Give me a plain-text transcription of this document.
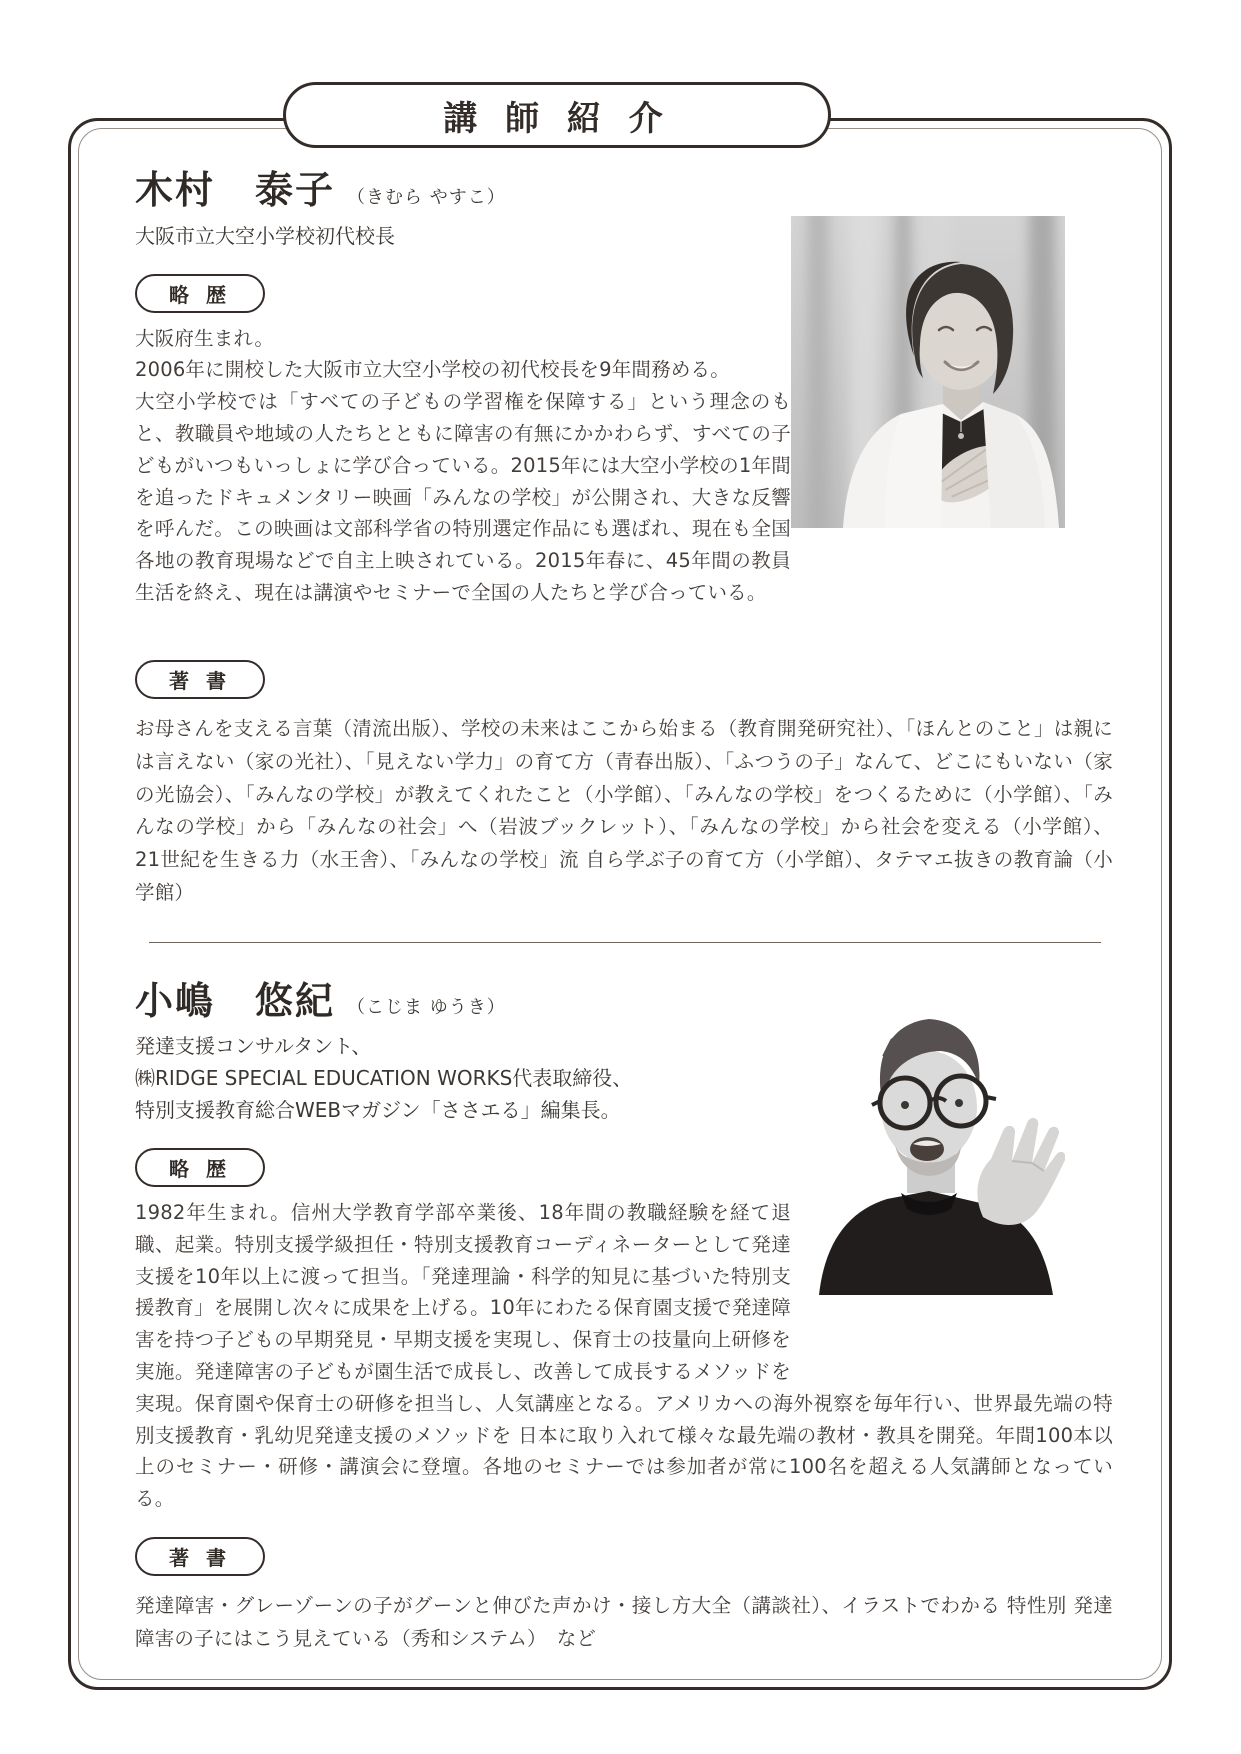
講 師 紹 介
木村　泰子 （きむら やすこ）
大阪市立大空小学校初代校長
略 歴

大阪府生まれ。

2006年に開校した大阪市立大空小学校の初代校長を9年間務める。

大空小学校では「すべての子どもの学習権を保障する」という理念のもと、教職員や地域の人たちとともに障害の有無にかかわらず、すべての子どもがいつもいっしょに学び合っている。2015年には大空小学校の1年間を追ったドキュメンタリー映画「みんなの学校」が公開され、大きな反響を呼んだ。この映画は文部科学省の特別選定作品にも選ばれ、現在も全国各地の教育現場などで自主上映されている。2015年春に、45年間の教員生活を終え、現在は講演やセミナーで全国の人たちと学び合っている。

著 書

お母さんを支える言葉（清流出版）、学校の未来はここから始まる（教育開発研究社）、「ほんとのこと」は親には言えない（家の光社）、「見えない学力」の育て方（青春出版）、「ふつうの子」なんて、どこにもいない（家の光協会）、「みんなの学校」が教えてくれたこと（小学館）、「みんなの学校」をつくるために（小学館）、「みんなの学校」から「みんなの社会」へ（岩波ブックレット）、「みんなの学校」から社会を変える（小学館）、21世紀を生きる力（水王舎）、「みんなの学校」流 自ら学ぶ子の育て方（小学館）、タテマエ抜きの教育論（小学館）

小嶋　悠紀 （こじま ゆうき）
発達支援コンサルタント、
㈱RIDGE SPECIAL EDUCATION WORKS代表取締役、
特別支援教育総合WEBマガジン「ささエる」編集長。
略 歴

1982年生まれ。信州大学教育学部卒業後、18年間の教職経験を経て退職、起業。特別支援学級担任・特別支援教育コーディネーターとして発達支援を10年以上に渡って担当。「発達理論・科学的知見に基づいた特別支援教育」を展開し次々に成果を上げる。10年にわたる保育園支援で発達障害を持つ子どもの早期発見・早期支援を実現し、保育士の技量向上研修を実施。発達障害の子どもが園生活で成長し、改善して成長するメソッドを実現。保育園や保育士の研修を担当し、人気講座となる。アメリカへの海外視察を毎年行い、世界最先端の特別支援教育・乳幼児発達支援のメソッドを 日本に取り入れて様々な最先端の教材・教具を開発。年間100本以上のセミナー・研修・講演会に登壇。各地のセミナーでは参加者が常に100名を超える人気講師となっている。

著 書

発達障害・グレーゾーンの子がグーンと伸びた声かけ・接し方大全（講談社）、イラストでわかる 特性別 発達障害の子にはこう見えている（秀和システム）　など
